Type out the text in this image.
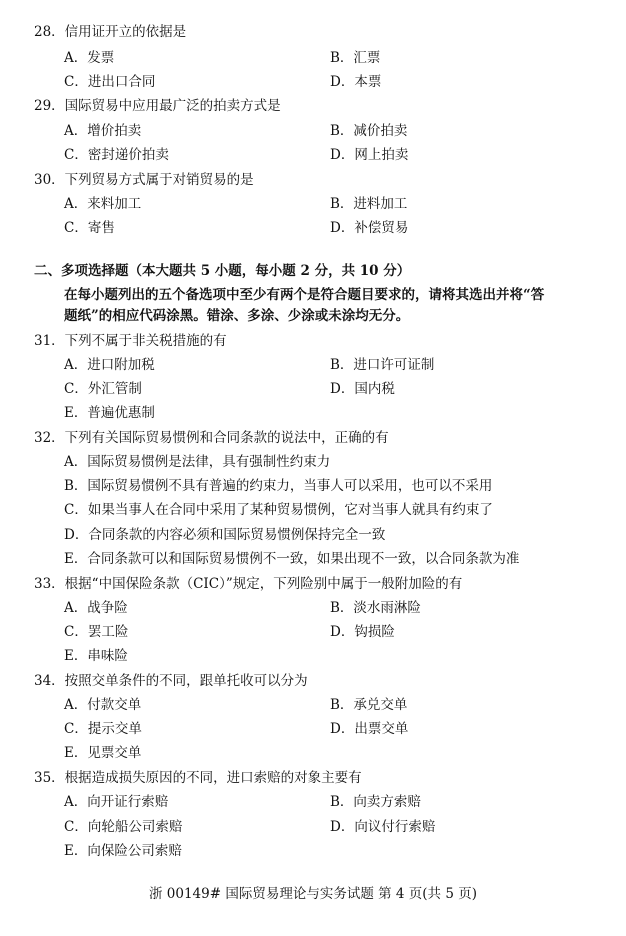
28．信用证开立的依据是
A．发票	B．汇票
C．进出口合同	D．本票
29．国际贸易中应用最广泛的拍卖方式是
A．增价拍卖	B．减价拍卖
C．密封递价拍卖	D．网上拍卖
30．下列贸易方式属于对销贸易的是
A．来料加工	B．进料加工
C．寄售	D．补偿贸易
二、多项选择题（本大题共 5 小题，每小题 2 分，共 10 分）
在每小题列出的五个备选项中至少有两个是符合题目要求的，请将其选出并将“答
题纸”的相应代码涂黑。错涂、多涂、少涂或未涂均无分。
31．下列不属于非关税措施的有
A．进口附加税	B．进口许可证制
C．外汇管制	D．国内税
E．普遍优惠制
32．下列有关国际贸易惯例和合同条款的说法中，正确的有
A．国际贸易惯例是法律，具有强制性约束力
B．国际贸易惯例不具有普遍的约束力，当事人可以采用，也可以不采用
C．如果当事人在合同中采用了某种贸易惯例，它对当事人就具有约束了
D．合同条款的内容必须和国际贸易惯例保持完全一致
E．合同条款可以和国际贸易惯例不一致，如果出现不一致，以合同条款为准
33．根据“中国保险条款（CIC）”规定，下列险别中属于一般附加险的有
A．战争险	B．淡水雨淋险
C．罢工险	D．钩损险
E．串味险
34．按照交单条件的不同，跟单托收可以分为
A．付款交单	B．承兑交单
C．提示交单	D．出票交单
E．见票交单
35．根据造成损失原因的不同，进口索赔的对象主要有
A．向开证行索赔	B．向卖方索赔
C．向轮船公司索赔	D．向议付行索赔
E．向保险公司索赔
浙 00149# 国际贸易理论与实务试题 第 4 页(共 5 页)
